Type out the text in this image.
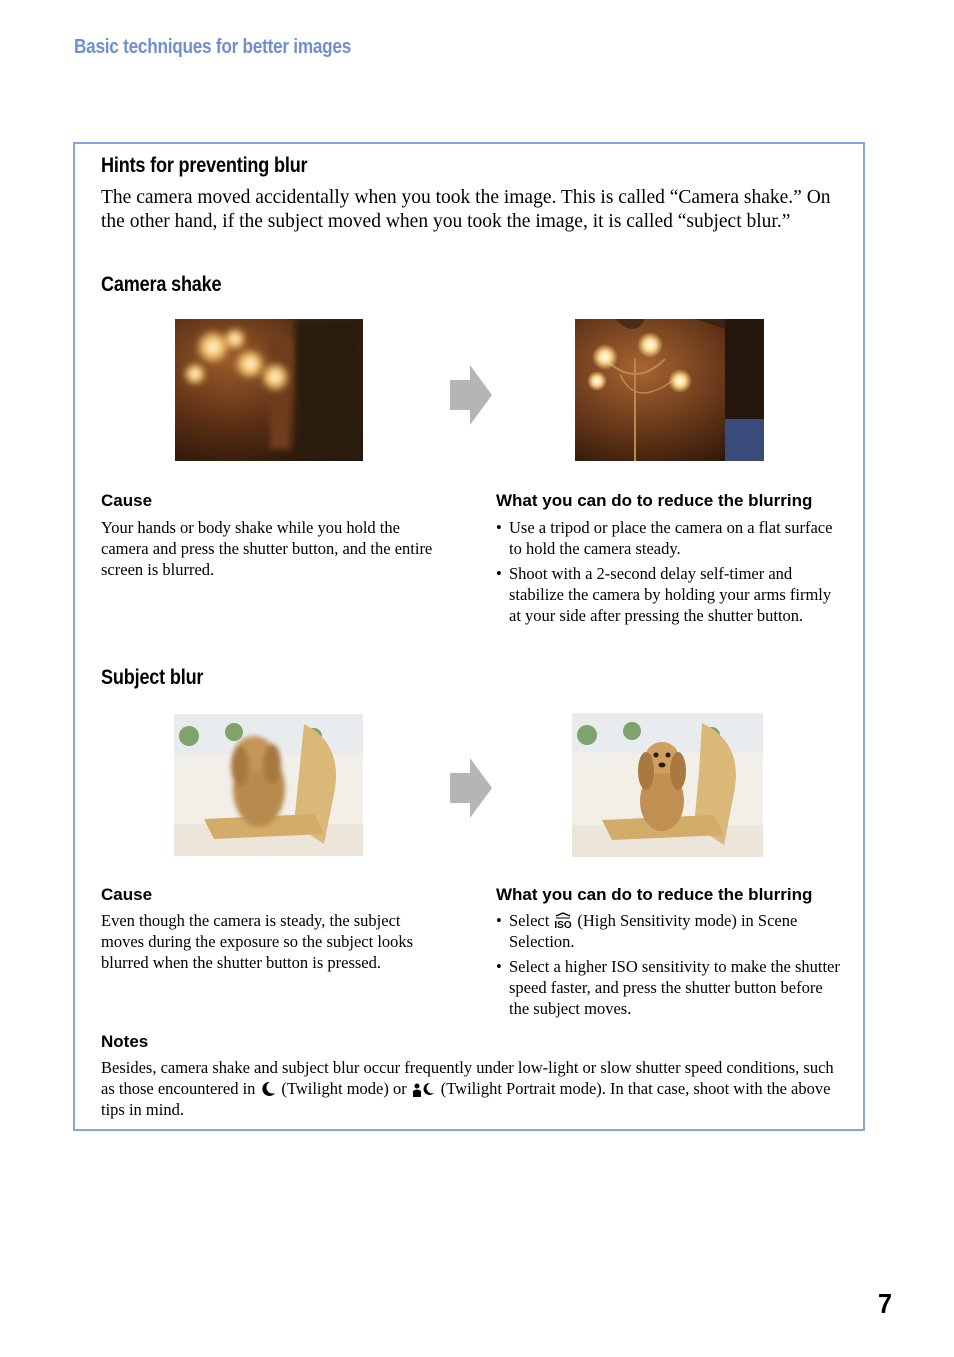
Basic techniques for better images
Hints for preventing blur
The camera moved accidentally when you took the image. This is called “Camera shake.” On the other hand, if the subject moved when you took the image, it is called “subject blur.”
Camera shake
Cause
Your hands or body shake while you hold the camera and press the shutter button, and the entire screen is blurred.
What you can do to reduce the blurring
• Use a tripod or place the camera on a flat surface to hold the camera steady.
• Shoot with a 2-second delay self-timer and stabilize the camera by holding your arms firmly at your side after pressing the shutter button.
Subject blur
Cause
Even though the camera is steady, the subject moves during the exposure so the subject looks blurred when the shutter button is pressed.
What you can do to reduce the blurring
• Select ISO (High Sensitivity mode) in Scene Selection.
• Select a higher ISO sensitivity to make the shutter speed faster, and press the shutter button before the subject moves.
Notes
Besides, camera shake and subject blur occur frequently under low-light or slow shutter speed conditions, such as those encountered in (Twilight mode) or (Twilight Portrait mode). In that case, shoot with the above tips in mind.
7
